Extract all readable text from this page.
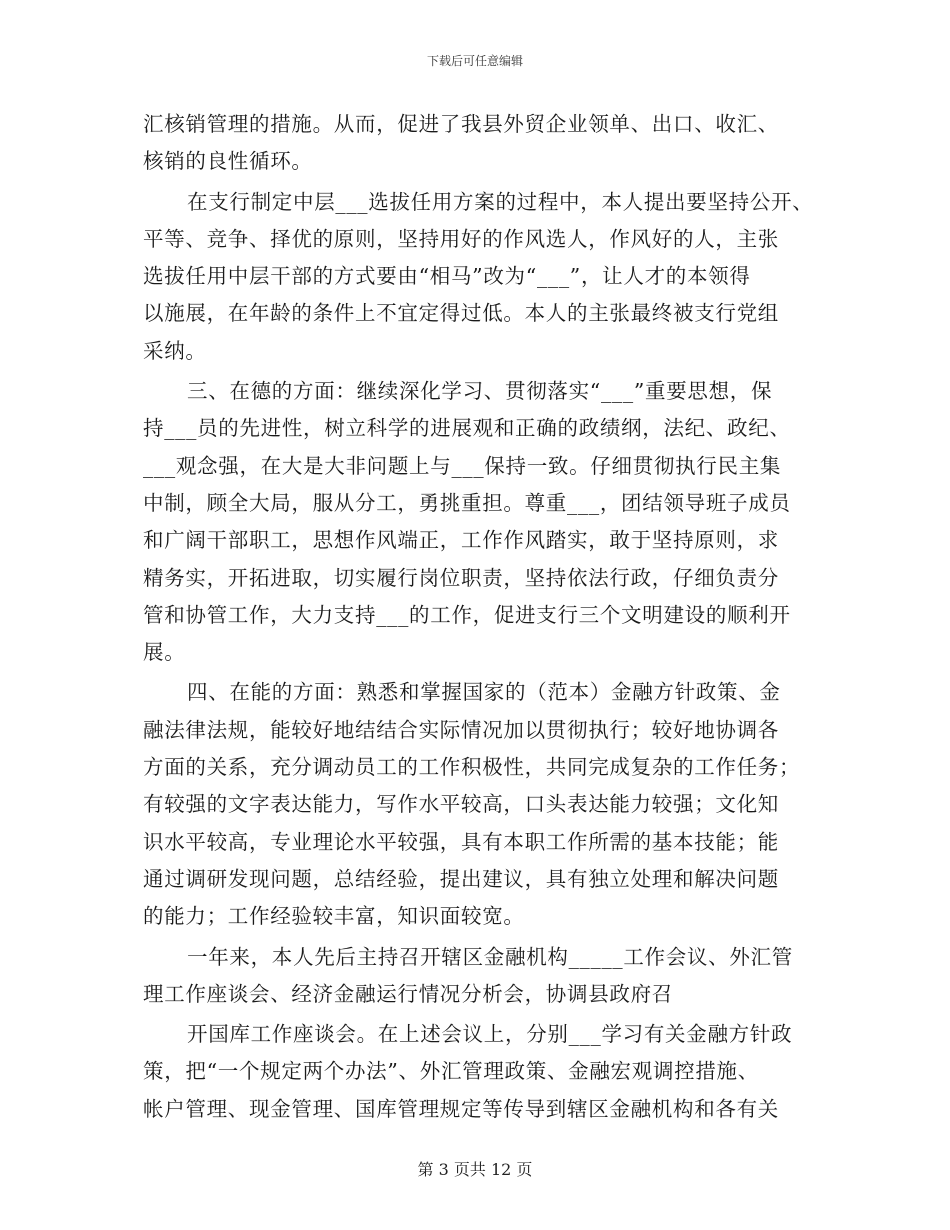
下载后可任意编辑
汇核销管理的措施。从而，促进了我县外贸企业领单、出口、收汇、
核销的良性循环。
在支行制定中层___选拔任用方案的过程中，本人提出要坚持公开、
平等、竞争、择优的原则，坚持用好的作风选人，作风好的人，主张
选拔任用中层干部的方式要由“相马”改为“___”，让人才的本领得
以施展，在年龄的条件上不宜定得过低。本人的主张最终被支行党组
采纳。
三、在德的方面：继续深化学习、贯彻落实“___”重要思想，保
持___员的先进性，树立科学的进展观和正确的政绩纲，法纪、政纪、
___观念强，在大是大非问题上与___保持一致。仔细贯彻执行民主集
中制，顾全大局，服从分工，勇挑重担。尊重___，团结领导班子成员
和广阔干部职工，思想作风端正，工作作风踏实，敢于坚持原则，求
精务实，开拓进取，切实履行岗位职责，坚持依法行政，仔细负责分
管和协管工作，大力支持___的工作，促进支行三个文明建设的顺利开
展。
四、在能的方面：熟悉和掌握国家的（范本）金融方针政策、金
融法律法规，能较好地结结合实际情况加以贯彻执行；较好地协调各
方面的关系，充分调动员工的工作积极性，共同完成复杂的工作任务；
有较强的文字表达能力，写作水平较高，口头表达能力较强；文化知
识水平较高，专业理论水平较强，具有本职工作所需的基本技能；能
通过调研发现问题，总结经验，提出建议，具有独立处理和解决问题
的能力；工作经验较丰富，知识面较宽。
一年来，本人先后主持召开辖区金融机构_____工作会议、外汇管
理工作座谈会、经济金融运行情况分析会，协调县政府召
开国库工作座谈会。在上述会议上，分别___学习有关金融方针政
策，把“一个规定两个办法”、外汇管理政策、金融宏观调控措施、
帐户管理、现金管理、国库管理规定等传导到辖区金融机构和各有关
第 3 页共 12 页
